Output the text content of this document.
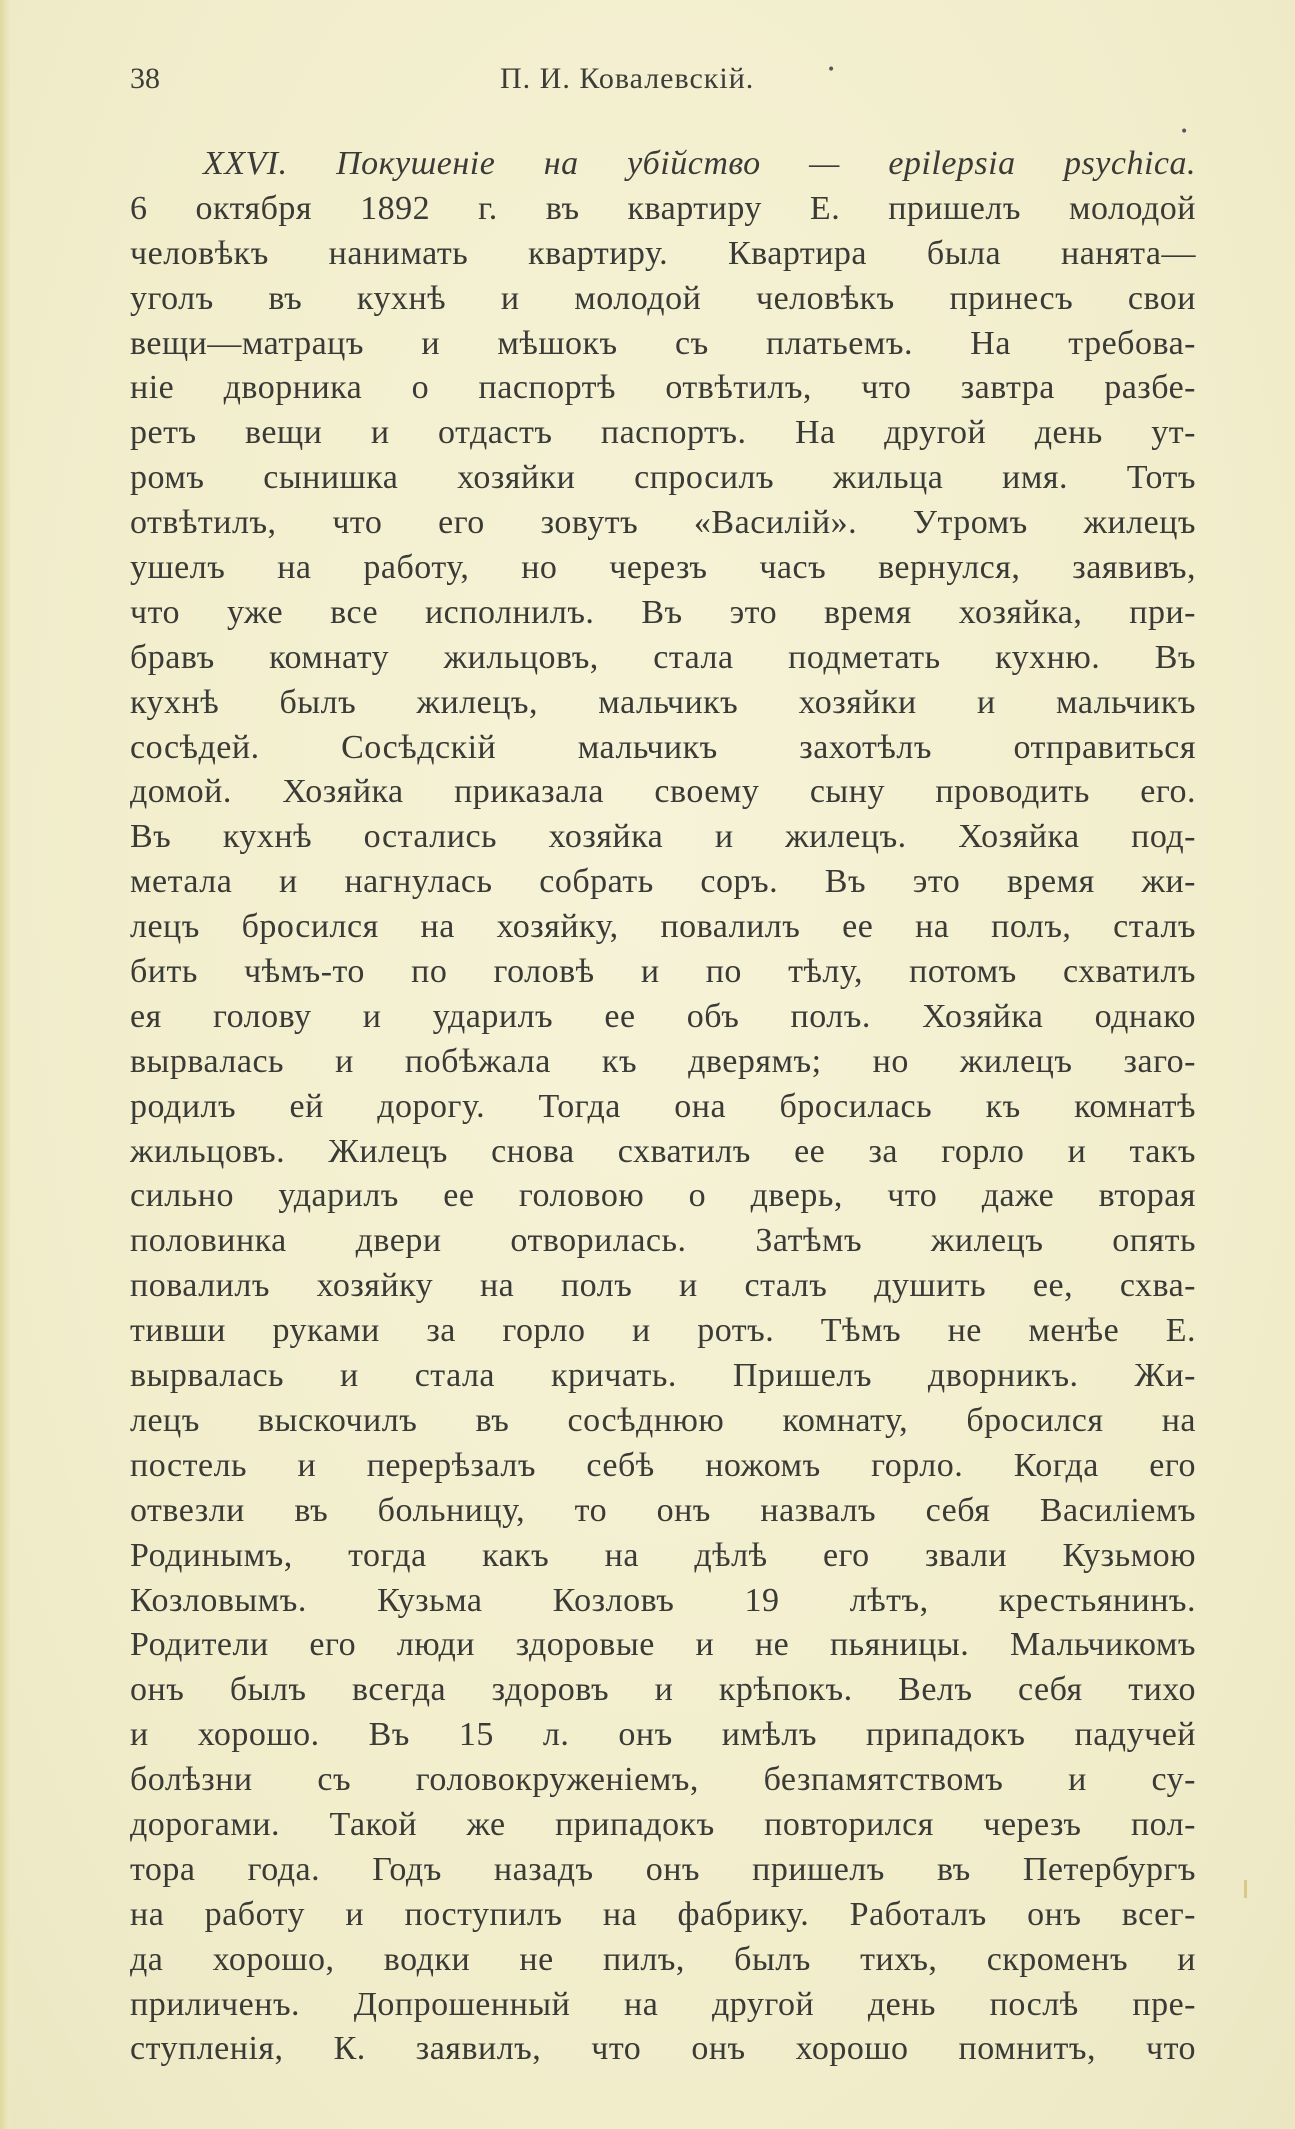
38	П. И. Ковалевскій.	•
•
XXVI. Покушеніе на убійство — epilepsia psychica.
6 октября 1892 г. въ квартиру Е. пришелъ молодой
человѣкъ нанимать квартиру. Квартира была нанята—
уголъ въ кухнѣ и молодой человѣкъ принесъ свои
вещи—матрацъ и мѣшокъ съ платьемъ. На требова-
ніе дворника о паспортѣ отвѣтилъ, что завтра разбе-
ретъ вещи и отдастъ паспортъ. На другой день ут-
ромъ сынишка хозяйки спросилъ жильца имя. Тотъ
отвѣтилъ, что его зовутъ «Василій». Утромъ жилецъ
ушелъ на работу, но черезъ часъ вернулся, заявивъ,
что уже все исполнилъ. Въ это время хозяйка, при-
бравъ комнату жильцовъ, стала подметать кухню. Въ
кухнѣ былъ жилецъ, мальчикъ хозяйки и мальчикъ
сосѣдей. Сосѣдскій мальчикъ захотѣлъ отправиться
домой. Хозяйка приказала своему сыну проводить его.
Въ кухнѣ остались хозяйка и жилецъ. Хозяйка под-
метала и нагнулась собрать соръ. Въ это время жи-
лецъ бросился на хозяйку, повалилъ ее на полъ, сталъ
бить чѣмъ-то по головѣ и по тѣлу, потомъ схватилъ
ея голову и ударилъ ее объ полъ. Хозяйка однако
вырвалась и побѣжала къ дверямъ; но жилецъ заго-
родилъ ей дорогу. Тогда она бросилась къ комнатѣ
жильцовъ. Жилецъ снова схватилъ ее за горло и такъ
сильно ударилъ ее головою о дверь, что даже вторая
половинка двери отворилась. Затѣмъ жилецъ опять
повалилъ хозяйку на полъ и сталъ душить ее, схва-
тивши руками за горло и ротъ. Тѣмъ не менѣе Е.
вырвалась и стала кричать. Пришелъ дворникъ. Жи-
лецъ выскочилъ въ сосѣднюю комнату, бросился на
постель и перерѣзалъ себѣ ножомъ горло. Когда его
отвезли въ больницу, то онъ назвалъ себя Василіемъ
Родинымъ, тогда какъ на дѣлѣ его звали Кузьмою
Козловымъ. Кузьма Козловъ 19 лѣтъ, крестьянинъ.
Родители его люди здоровые и не пьяницы. Мальчикомъ
онъ былъ всегда здоровъ и крѣпокъ. Велъ себя тихо
и хорошо. Въ 15 л. онъ имѣлъ припадокъ падучей
болѣзни съ головокруженіемъ, безпамятствомъ и су-
дорогами. Такой же припадокъ повторился черезъ пол-
тора года. Годъ назадъ онъ пришелъ въ Петербургъ
на работу и поступилъ на фабрику. Работалъ онъ всег-
да хорошо, водки не пилъ, былъ тихъ, скроменъ и
приличенъ. Допрошенный на другой день послѣ пре-
ступленія, К. заявилъ, что онъ хорошо помнитъ, что
